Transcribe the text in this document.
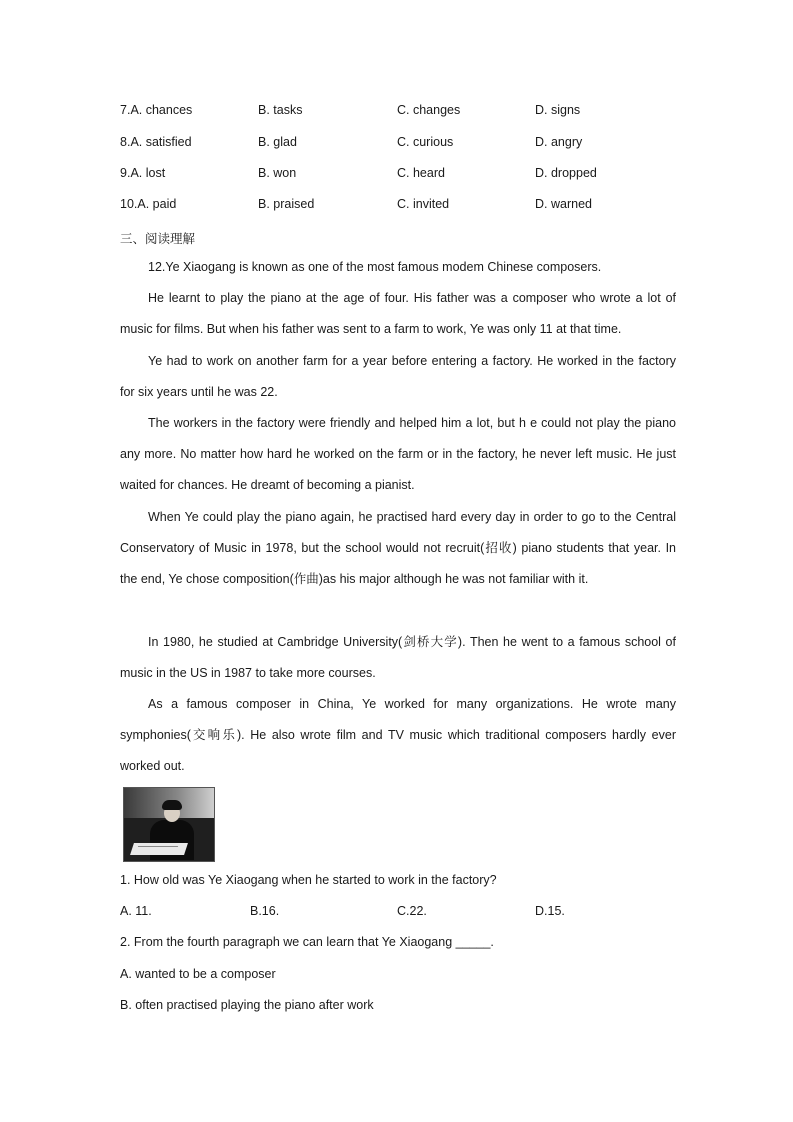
7.A. chances	B. tasks	C. changes	D. signs
8.A. satisfied	B. glad	C. curious	D. angry
9.A. lost	B. won	C. heard	D. dropped
10.A. paid	B. praised	C. invited	D. warned
三、阅读理解

12.Ye Xiaogang is known as one of the most famous modem Chinese composers.

He learnt to play the piano at the age of four. His father was a composer who wrote a lot of music for films. But when his father was sent to a farm to work, Ye was only 11 at that time.

Ye had to work on another farm for a year before entering a factory. He worked in the factory for six years until he was 22.

The workers in the factory were friendly and helped him a lot, but h e could not play the piano any more. No matter how hard he worked on the farm or in the factory, he never left music. He just waited for chances. He dreamt of becoming a pianist.

When Ye could play the piano again, he practised hard every day in order to go to the Central Conservatory of Music in 1978, but the school would not recruit(招收) piano students that year. In the end, Ye chose composition(作曲)as his major although he was not familiar with it.

In 1980, he studied at Cambridge University(剑桥大学). Then he went to a famous school of music in the US in 1987 to take more courses.

As a famous composer in China, Ye worked for many organizations. He wrote many symphonies(交响乐). He also wrote film and TV music which traditional composers hardly ever worked out.

1. How old was Ye Xiaogang when he started to work in the factory?
A. 11.	B.16.	C.22.	D.15.
2. From the fourth paragraph we can learn that Ye Xiaogang _____.
A. wanted to be a composer
B. often practised playing the piano after work
